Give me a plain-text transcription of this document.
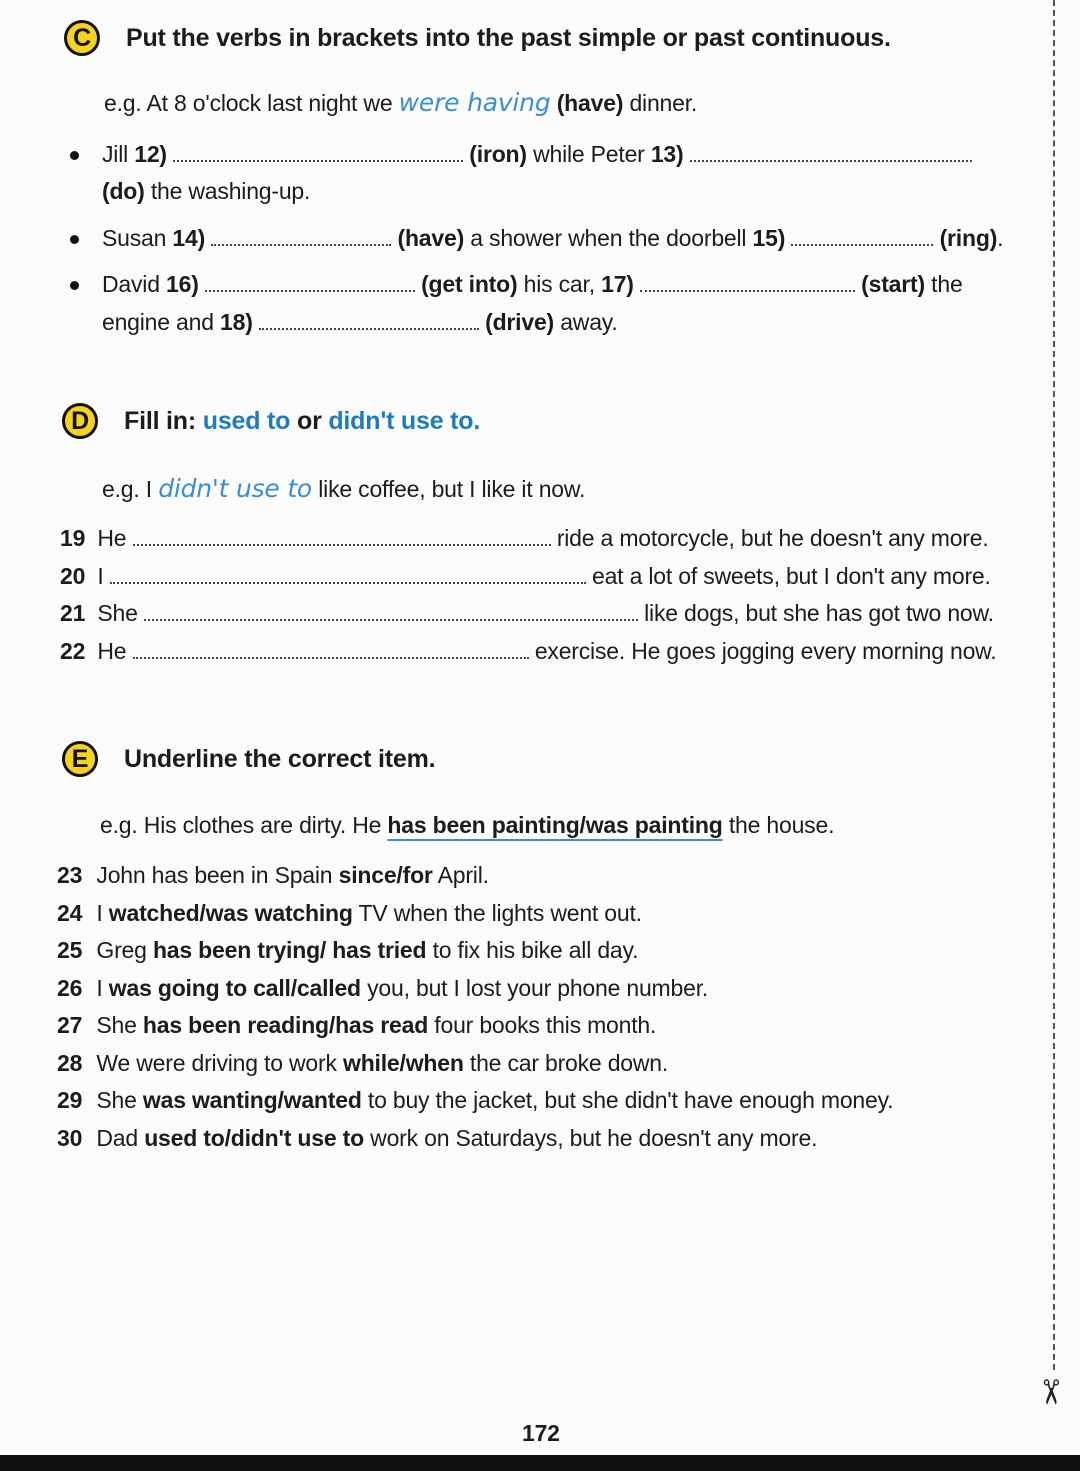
C	Put the verbs in brackets into the past simple or past continuous.
e.g. At 8 o'clock last night we were having (have) dinner.
Jill 12)	(iron) while Peter 13)
(do) the washing-up.
Susan 14)	(have) a shower when the doorbell 15)	(ring).
David 16)	(get into) his car, 17)	(start) the
engine and 18)	(drive) away.
D	Fill in: used to or didn't use to.
e.g. I didn't use to like coffee, but I like it now.
19 He	ride a motorcycle, but he doesn't any more.
20 I	eat a lot of sweets, but I don't any more.
21 She	like dogs, but she has got two now.
22 He	exercise. He goes jogging every morning now.
E	Underline the correct item.
e.g. His clothes are dirty. He has been painting/was painting the house.
23 John has been in Spain since/for April.
24 I watched/was watching TV when the lights went out.
25 Greg has been trying/ has tried to fix his bike all day.
26 I was going to call/called you, but I lost your phone number.
27 She has been reading/has read four books this month.
28 We were driving to work while/when the car broke down.
29 She was wanting/wanted to buy the jacket, but she didn't have enough money.
30 Dad used to/didn't use to work on Saturdays, but he doesn't any more.
✂
172
